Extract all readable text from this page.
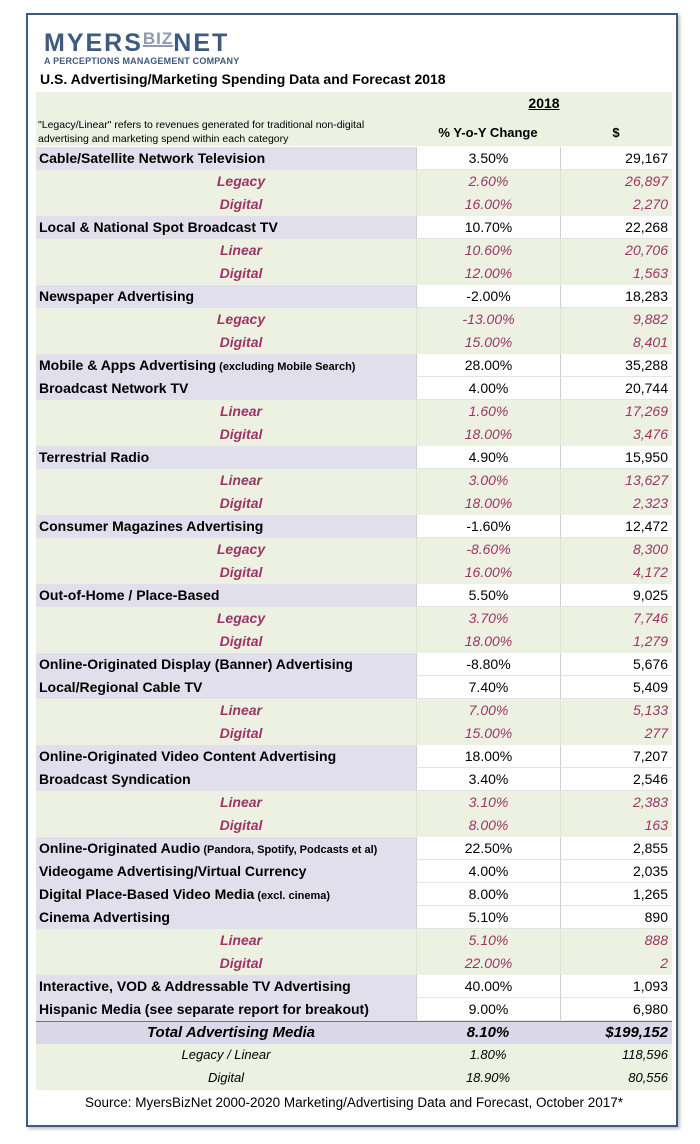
MYERSBIZNET
A PERCEPTIONS MANAGEMENT COMPANY
U.S. Advertising/Marketing Spending Data and Forecast 2018
2018
"Legacy/Linear" refers to revenues generated for traditional non-digital advertising and marketing spend within each category	% Y-o-Y Change	$
Cable/Satellite Network Television	3.50%	29,167
Legacy	2.60%	26,897
Digital	16.00%	2,270
Local & National Spot Broadcast TV	10.70%	22,268
Linear	10.60%	20,706
Digital	12.00%	1,563
Newspaper Advertising	-2.00%	18,283
Legacy	-13.00%	9,882
Digital	15.00%	8,401
Mobile & Apps Advertising (excluding Mobile Search)	28.00%	35,288
Broadcast Network TV	4.00%	20,744
Linear	1.60%	17,269
Digital	18.00%	3,476
Terrestrial Radio	4.90%	15,950
Linear	3.00%	13,627
Digital	18.00%	2,323
Consumer Magazines Advertising	-1.60%	12,472
Legacy	-8.60%	8,300
Digital	16.00%	4,172
Out-of-Home / Place-Based	5.50%	9,025
Legacy	3.70%	7,746
Digital	18.00%	1,279
Online-Originated Display (Banner) Advertising	-8.80%	5,676
Local/Regional Cable TV	7.40%	5,409
Linear	7.00%	5,133
Digital	15.00%	277
Online-Originated Video Content Advertising	18.00%	7,207
Broadcast Syndication	3.40%	2,546
Linear	3.10%	2,383
Digital	8.00%	163
Online-Originated Audio (Pandora, Spotify, Podcasts et al)	22.50%	2,855
Videogame Advertising/Virtual Currency	4.00%	2,035
Digital Place-Based Video Media (excl. cinema)	8.00%	1,265
Cinema Advertising	5.10%	890
Linear	5.10%	888
Digital	22.00%	2
Interactive, VOD & Addressable TV Advertising	40.00%	1,093
Hispanic Media (see separate report for breakout)	9.00%	6,980
Total Advertising Media	8.10%	$199,152
Legacy / Linear	1.80%	118,596
Digital	18.90%	80,556
Source: MyersBizNet 2000-2020 Marketing/Advertising Data and Forecast, October 2017*
